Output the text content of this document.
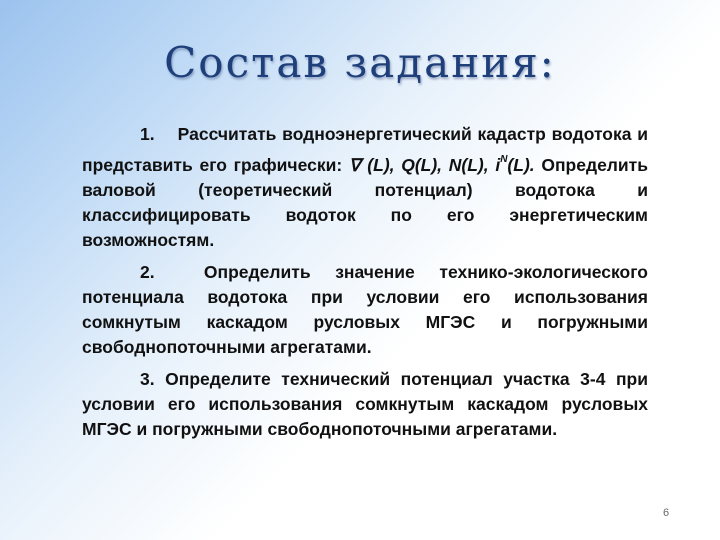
Состав задания:

1. Рассчитать водноэнергетический кадастр водотока и представить его графически: ∇ (L), Q(L), N(L), $i^N(L)$. Определить валовой (теоретический потенциал) водотока и классифицировать водоток по его энергетическим возможностям.

2.	Определить значение технико-экологического потенциала водотока при условии его использования сомкнутым каскадом русловых МГЭС и погружными свободнопоточными агрегатами.

3. Определите технический потенциал участка 3-4 при условии его использования сомкнутым каскадом русловых МГЭС и погружными свободнопоточными агрегатами.

6
